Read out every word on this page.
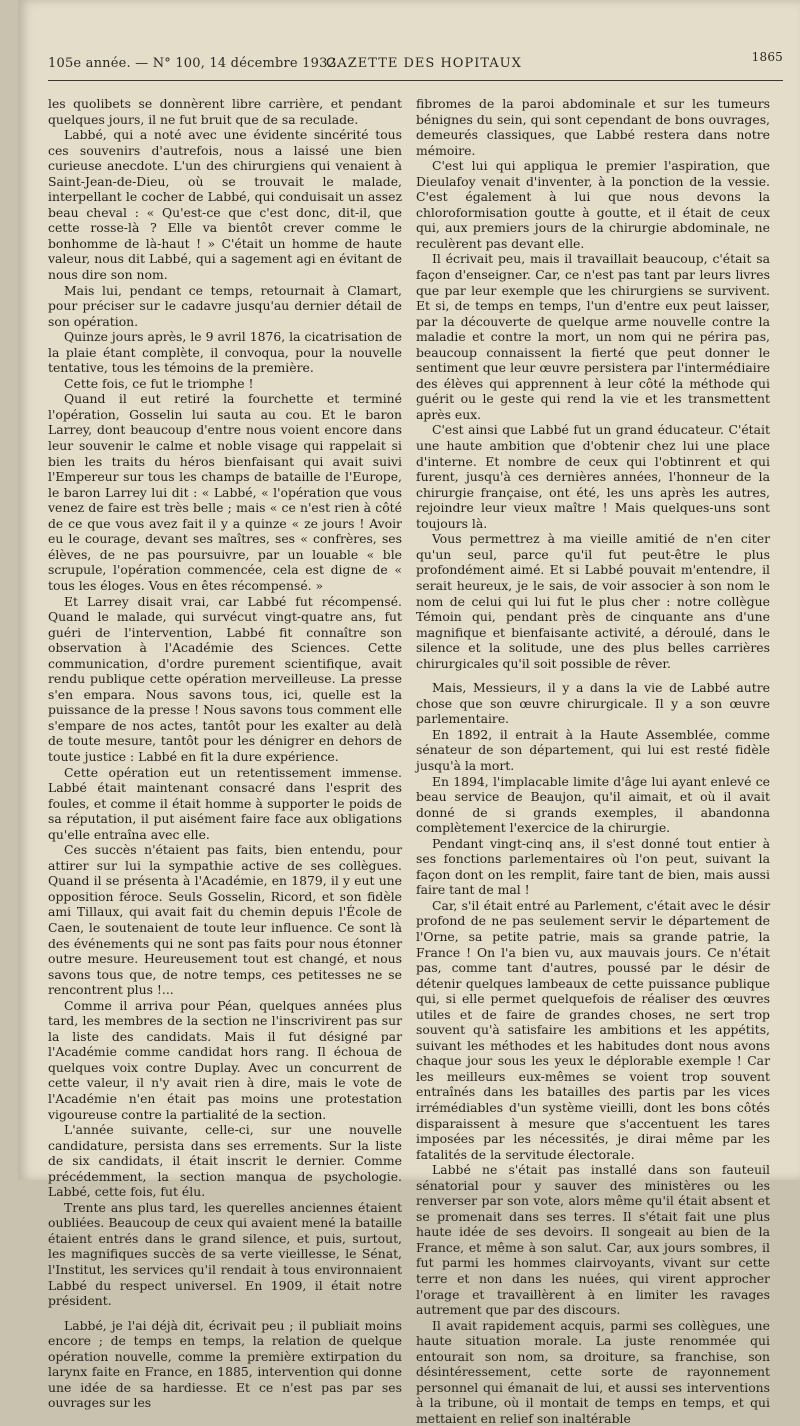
105e année. — N° 100, 14 décembre 1932.
GAZETTE DES HOPITAUX	1865

les quolibets se donnèrent libre carrière, et pendant quelques jours, il ne fut bruit que de sa reculade.

Labbé, qui a noté avec une évidente sincérité tous ces souvenirs d'autrefois, nous a laissé une bien curieuse anecdote. L'un des chirurgiens qui venaient à Saint-Jean-de-Dieu, où se trouvait le malade, interpellant le cocher de Labbé, qui conduisait un assez beau cheval : « Qu'est-ce que c'est donc, dit-il, que cette rosse-là ? Elle va bientôt crever comme le bonhomme de là-haut ! » C'était un homme de haute valeur, nous dit Labbé, qui a sagement agi en évitant de nous dire son nom.

Mais lui, pendant ce temps, retournait à Clamart, pour préciser sur le cadavre jusqu'au dernier détail de son opération.

Quinze jours après, le 9 avril 1876, la cicatrisation de la plaie étant complète, il convoqua, pour la nouvelle tentative, tous les témoins de la première.

Cette fois, ce fut le triomphe !

Quand il eut retiré la fourchette et terminé l'opération, Gosselin lui sauta au cou. Et le baron Larrey, dont beaucoup d'entre nous voient encore dans leur souvenir le calme et noble visage qui rappelait si bien les traits du héros bienfaisant qui avait suivi l'Empereur sur tous les champs de bataille de l'Europe, le baron Larrey lui dit : « Labbé, « l'opération que vous venez de faire est très belle ; mais « ce n'est rien à côté de ce que vous avez fait il y a quinze « ze jours ! Avoir eu le courage, devant ses maîtres, ses « confrères, ses élèves, de ne pas poursuivre, par un louable « ble scrupule, l'opération commencée, cela est digne de « tous les éloges. Vous en êtes récompensé. »

Et Larrey disait vrai, car Labbé fut récompensé. Quand le malade, qui survécut vingt-quatre ans, fut guéri de l'intervention, Labbé fit connaître son observation à l'Académie des Sciences. Cette communication, d'ordre purement scientifique, avait rendu publique cette opération merveilleuse. La presse s'en empara. Nous savons tous, ici, quelle est la puissance de la presse ! Nous savons tous comment elle s'empare de nos actes, tantôt pour les exalter au delà de toute mesure, tantôt pour les dénigrer en dehors de toute justice : Labbé en fit la dure expérience.

Cette opération eut un retentissement immense. Labbé était maintenant consacré dans l'esprit des foules, et comme il était homme à supporter le poids de sa réputation, il put aisément faire face aux obligations qu'elle entraîna avec elle.

Ces succès n'étaient pas faits, bien entendu, pour attirer sur lui la sympathie active de ses collègues. Quand il se présenta à l'Académie, en 1879, il y eut une opposition féroce. Seuls Gosselin, Ricord, et son fidèle ami Tillaux, qui avait fait du chemin depuis l'École de Caen, le soutenaient de toute leur influence. Ce sont là des événements qui ne sont pas faits pour nous étonner outre mesure. Heureusement tout est changé, et nous savons tous que, de notre temps, ces petitesses ne se rencontrent plus !...

Comme il arriva pour Péan, quelques années plus tard, les membres de la section ne l'inscrivirent pas sur la liste des candidats. Mais il fut désigné par l'Académie comme candidat hors rang. Il échoua de quelques voix contre Duplay. Avec un concurrent de cette valeur, il n'y avait rien à dire, mais le vote de l'Académie n'en était pas moins une protestation vigoureuse contre la partialité de la section.

L'année suivante, celle-ci, sur une nouvelle candidature, persista dans ses errements. Sur la liste de six candidats, il était inscrit le dernier. Comme précédemment, la section manqua de psychologie. Labbé, cette fois, fut élu.

Trente ans plus tard, les querelles anciennes étaient oubliées. Beaucoup de ceux qui avaient mené la bataille étaient entrés dans le grand silence, et puis, surtout, les magnifiques succès de sa verte vieillesse, le Sénat, l'Institut, les services qu'il rendait à tous environnaient Labbé du respect universel. En 1909, il était notre président.

Labbé, je l'ai déjà dit, écrivait peu ; il publiait moins encore ; de temps en temps, la relation de quelque opération nouvelle, comme la première extirpation du larynx faite en France, en 1885, intervention qui donne une idée de sa hardiesse. Et ce n'est pas par ses ouvrages sur les

fibromes de la paroi abdominale et sur les tumeurs bénignes du sein, qui sont cependant de bons ouvrages, demeurés classiques, que Labbé restera dans notre mémoire.

C'est lui qui appliqua le premier l'aspiration, que Dieulafoy venait d'inventer, à la ponction de la vessie. C'est également à lui que nous devons la chloroformisation goutte à goutte, et il était de ceux qui, aux premiers jours de la chirurgie abdominale, ne reculèrent pas devant elle.

Il écrivait peu, mais il travaillait beaucoup, c'était sa façon d'enseigner. Car, ce n'est pas tant par leurs livres que par leur exemple que les chirurgiens se survivent. Et si, de temps en temps, l'un d'entre eux peut laisser, par la découverte de quelque arme nouvelle contre la maladie et contre la mort, un nom qui ne périra pas, beaucoup connaissent la fierté que peut donner le sentiment que leur œuvre persistera par l'intermédiaire des élèves qui apprennent à leur côté la méthode qui guérit ou le geste qui rend la vie et les transmettent après eux.

C'est ainsi que Labbé fut un grand éducateur. C'était une haute ambition que d'obtenir chez lui une place d'interne. Et nombre de ceux qui l'obtinrent et qui furent, jusqu'à ces dernières années, l'honneur de la chirurgie française, ont été, les uns après les autres, rejoindre leur vieux maître ! Mais quelques-uns sont toujours là.

Vous permettrez à ma vieille amitié de n'en citer qu'un seul, parce qu'il fut peut-être le plus profondément aimé. Et si Labbé pouvait m'entendre, il serait heureux, je le sais, de voir associer à son nom le nom de celui qui lui fut le plus cher : notre collègue Témoin qui, pendant près de cinquante ans d'une magnifique et bienfaisante activité, a déroulé, dans le silence et la solitude, une des plus belles carrières chirurgicales qu'il soit possible de rêver.

Mais, Messieurs, il y a dans la vie de Labbé autre chose que son œuvre chirurgicale. Il y a son œuvre parlementaire.

En 1892, il entrait à la Haute Assemblée, comme sénateur de son département, qui lui est resté fidèle jusqu'à la mort.

En 1894, l'implacable limite d'âge lui ayant enlevé ce beau service de Beaujon, qu'il aimait, et où il avait donné de si grands exemples, il abandonna complètement l'exercice de la chirurgie.

Pendant vingt-cinq ans, il s'est donné tout entier à ses fonctions parlementaires où l'on peut, suivant la façon dont on les remplit, faire tant de bien, mais aussi faire tant de mal !

Car, s'il était entré au Parlement, c'était avec le désir profond de ne pas seulement servir le département de l'Orne, sa petite patrie, mais sa grande patrie, la France ! On l'a bien vu, aux mauvais jours. Ce n'était pas, comme tant d'autres, poussé par le désir de détenir quelques lambeaux de cette puissance publique qui, si elle permet quelquefois de réaliser des œuvres utiles et de faire de grandes choses, ne sert trop souvent qu'à satisfaire les ambitions et les appétits, suivant les méthodes et les habitudes dont nous avons chaque jour sous les yeux le déplorable exemple ! Car les meilleurs eux-mêmes se voient trop souvent entraînés dans les batailles des partis par les vices irrémédiables d'un système vieilli, dont les bons côtés disparaissent à mesure que s'accentuent les tares imposées par les nécessités, je dirai même par les fatalités de la servitude électorale.

Labbé ne s'était pas installé dans son fauteuil sénatorial pour y sauver des ministères ou les renverser par son vote, alors même qu'il était absent et se promenait dans ses terres. Il s'était fait une plus haute idée de ses devoirs. Il songeait au bien de la France, et même à son salut. Car, aux jours sombres, il fut parmi les hommes clairvoyants, vivant sur cette terre et non dans les nuées, qui virent approcher l'orage et travaillèrent à en limiter les ravages autrement que par des discours.

Il avait rapidement acquis, parmi ses collègues, une haute situation morale. La juste renommée qui entourait son nom, sa droiture, sa franchise, son désintéressement, cette sorte de rayonnement personnel qui émanait de lui, et aussi ses interventions à la tribune, où il montait de temps en temps, et qui mettaient en relief son inaltérable
